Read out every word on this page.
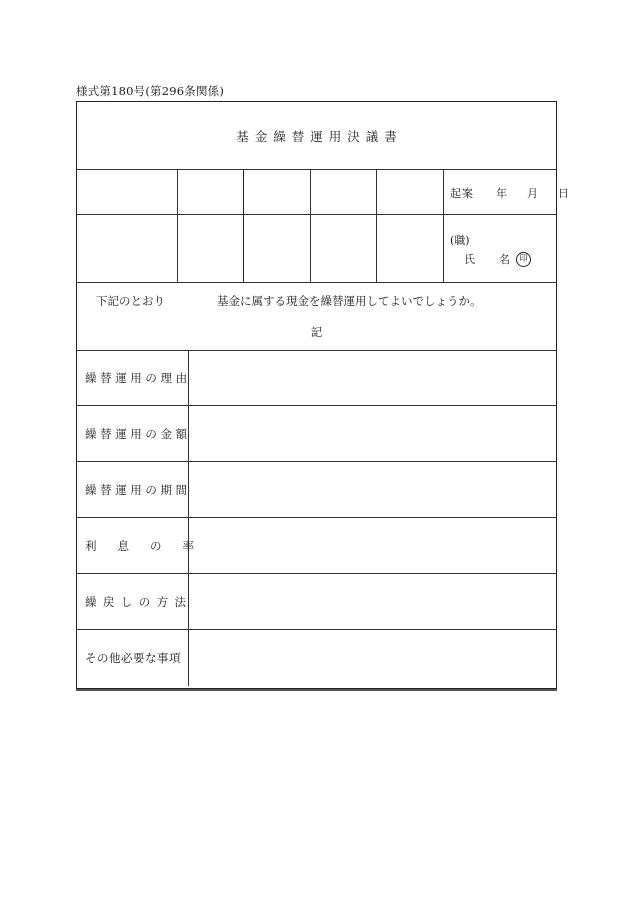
様式第180号(第296条関係)
基金繰替運用決議書
起案 年 月 日
(職)
氏 名	印
下記のとおり	基金に属する現金を繰替運用してよいでしょうか。
記
繰替運用の理由
繰替運用の金額
繰替運用の期間
利息の率
繰戻しの方法
その他必要な事項
